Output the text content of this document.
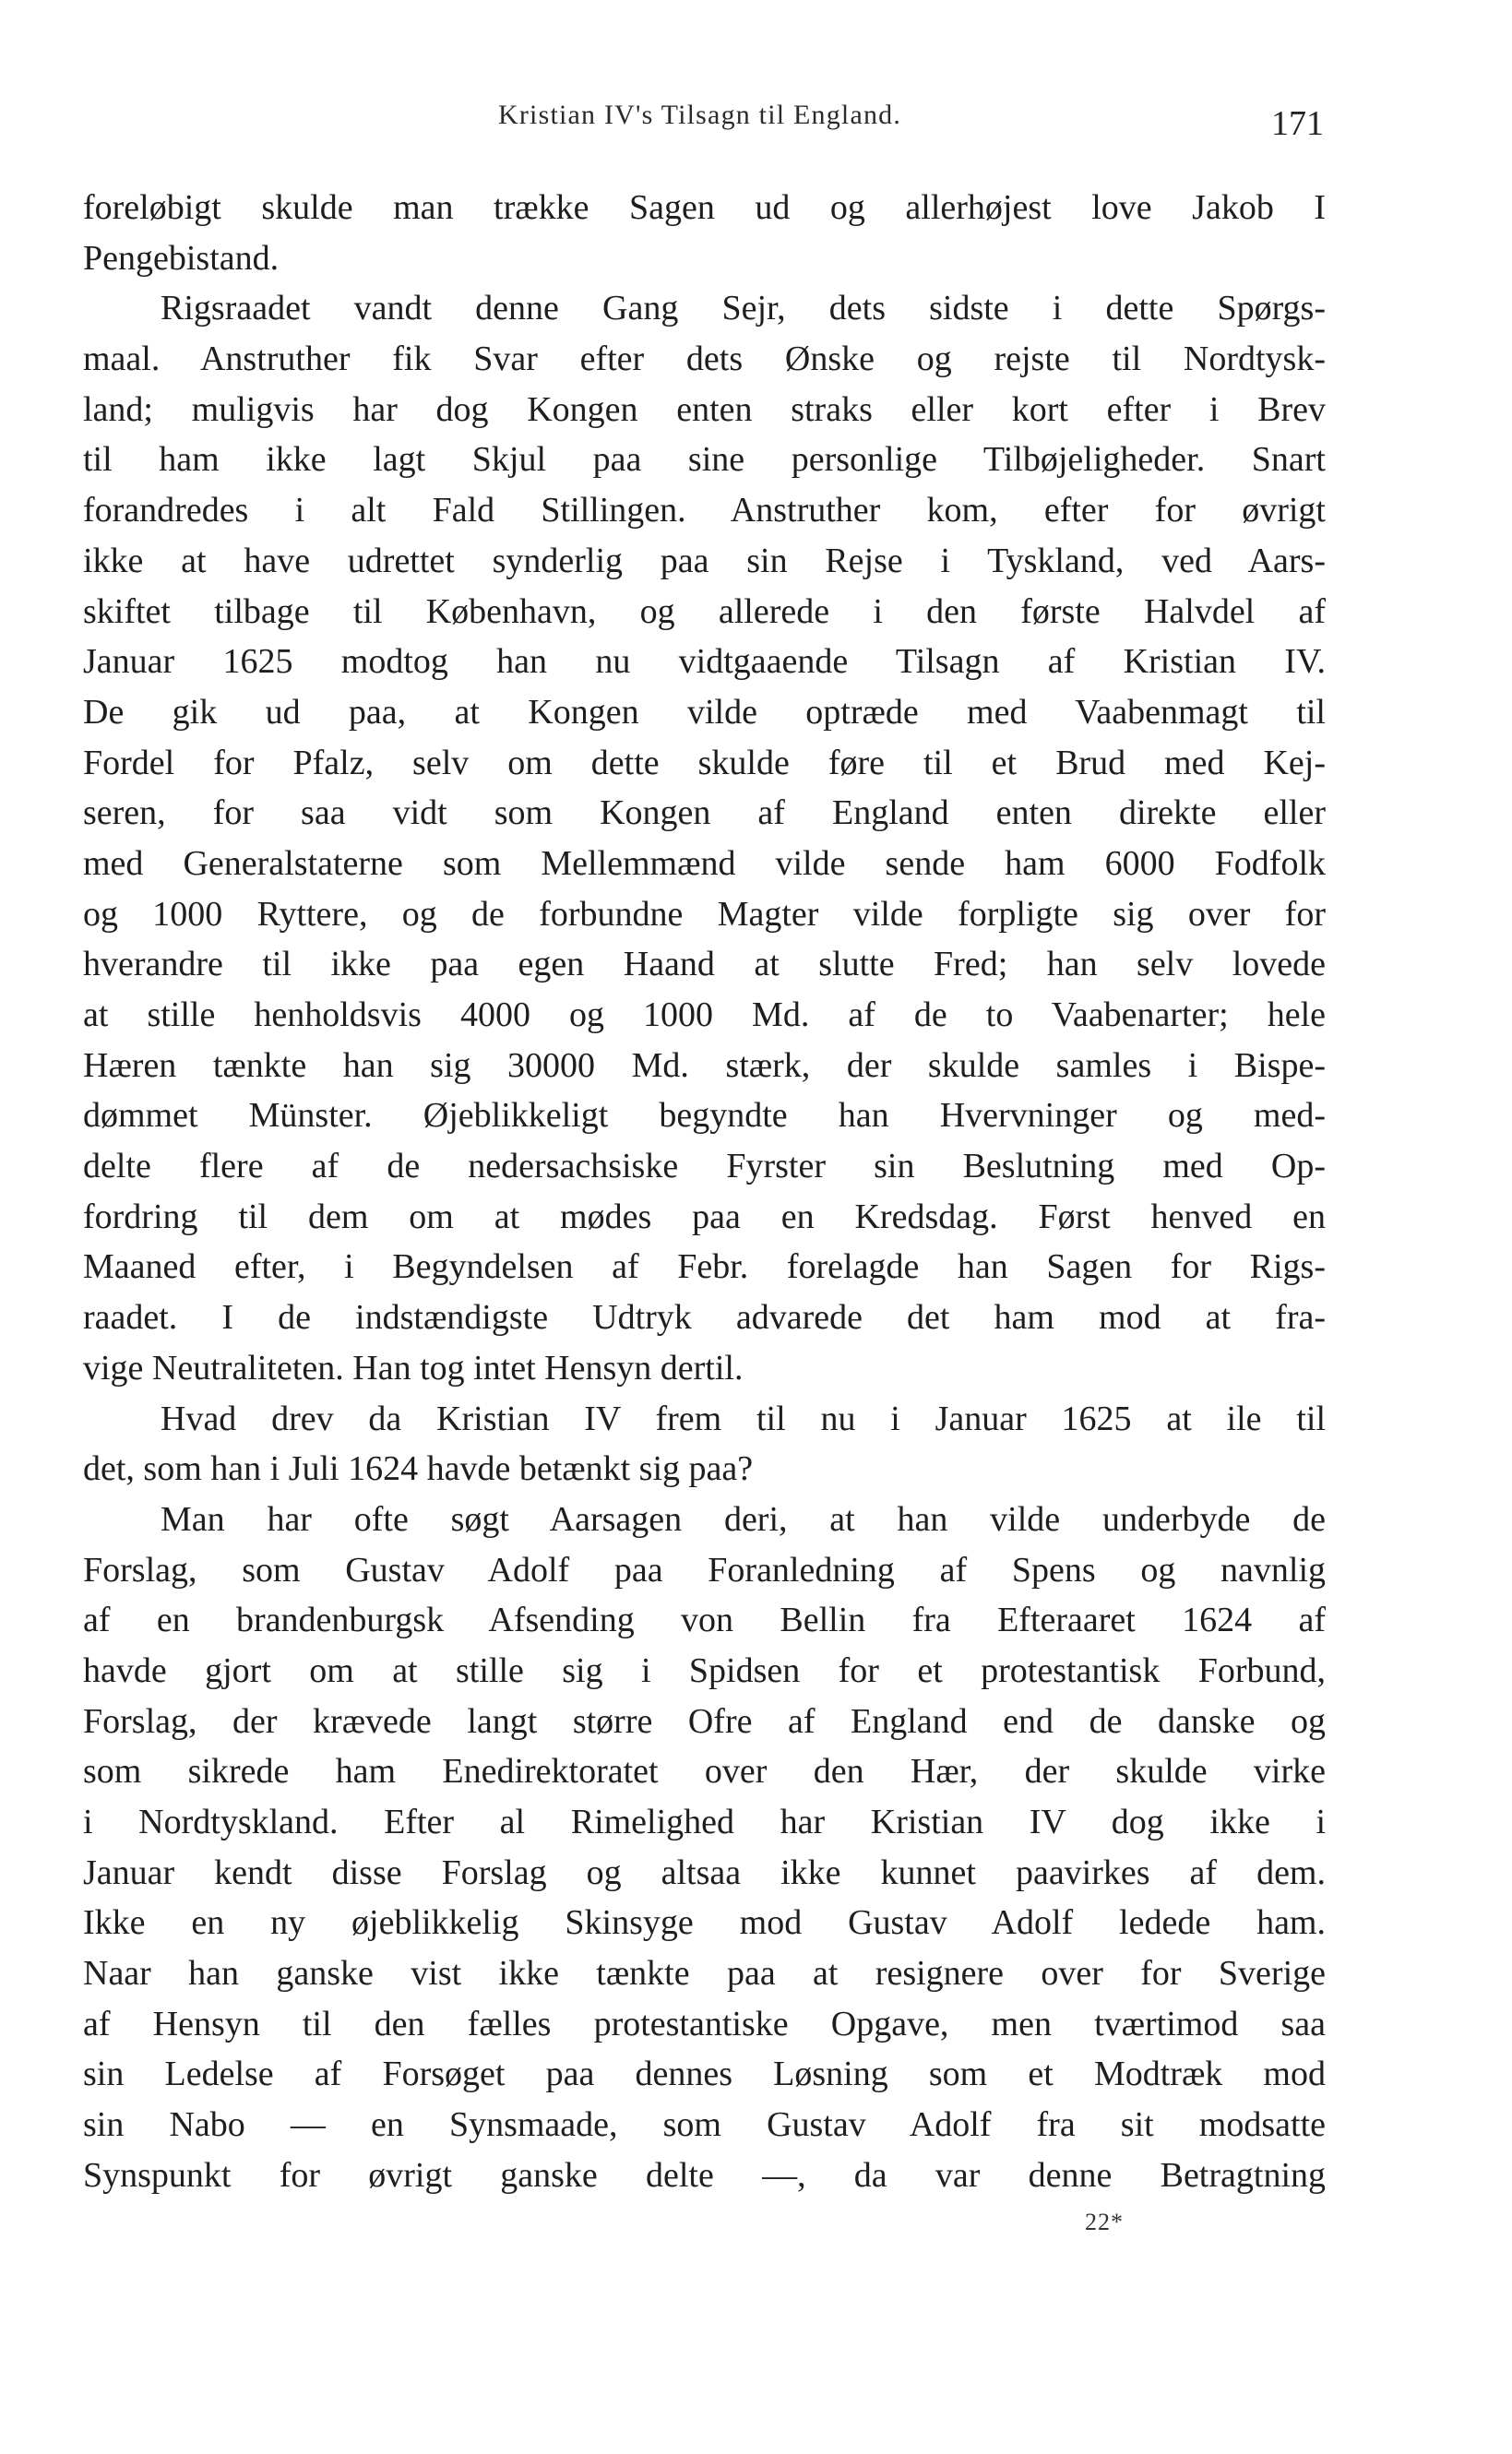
Kristian IV's Tilsagn til England.	171
foreløbigt skulde man trække Sagen ud og allerhøjest love Jakob I
Pengebistand.
Rigsraadet vandt denne Gang Sejr, dets sidste i dette Spørgs-
maal. Anstruther fik Svar efter dets Ønske og rejste til Nordtysk-
land; muligvis har dog Kongen enten straks eller kort efter i Brev
til ham ikke lagt Skjul paa sine personlige Tilbøjeligheder. Snart
forandredes i alt Fald Stillingen. Anstruther kom, efter for øvrigt
ikke at have udrettet synderlig paa sin Rejse i Tyskland, ved Aars-
skiftet tilbage til København, og allerede i den første Halvdel af
Januar 1625 modtog han nu vidtgaaende Tilsagn af Kristian IV.
De gik ud paa, at Kongen vilde optræde med Vaabenmagt til
Fordel for Pfalz, selv om dette skulde føre til et Brud med Kej-
seren, for saa vidt som Kongen af England enten direkte eller
med Generalstaterne som Mellemmænd vilde sende ham 6000 Fodfolk
og 1000 Ryttere, og de forbundne Magter vilde forpligte sig over for
hverandre til ikke paa egen Haand at slutte Fred; han selv lovede
at stille henholdsvis 4000 og 1000 Md. af de to Vaabenarter; hele
Hæren tænkte han sig 30000 Md. stærk, der skulde samles i Bispe-
dømmet Münster. Øjeblikkeligt begyndte han Hvervninger og med-
delte flere af de nedersachsiske Fyrster sin Beslutning med Op-
fordring til dem om at mødes paa en Kredsdag. Først henved en
Maaned efter, i Begyndelsen af Febr. forelagde han Sagen for Rigs-
raadet. I de indstændigste Udtryk advarede det ham mod at fra-
vige Neutraliteten. Han tog intet Hensyn dertil.
Hvad drev da Kristian IV frem til nu i Januar 1625 at ile til
det, som han i Juli 1624 havde betænkt sig paa?
Man har ofte søgt Aarsagen deri, at han vilde underbyde de
Forslag, som Gustav Adolf paa Foranledning af Spens og navnlig
af en brandenburgsk Afsending von Bellin fra Efteraaret 1624 af
havde gjort om at stille sig i Spidsen for et protestantisk Forbund,
Forslag, der krævede langt større Ofre af England end de danske og
som sikrede ham Enedirektoratet over den Hær, der skulde virke
i Nordtyskland. Efter al Rimelighed har Kristian IV dog ikke i
Januar kendt disse Forslag og altsaa ikke kunnet paavirkes af dem.
Ikke en ny øjeblikkelig Skinsyge mod Gustav Adolf ledede ham.
Naar han ganske vist ikke tænkte paa at resignere over for Sverige
af Hensyn til den fælles protestantiske Opgave, men tværtimod saa
sin Ledelse af Forsøget paa dennes Løsning som et Modtræk mod
sin Nabo — en Synsmaade, som Gustav Adolf fra sit modsatte
Synspunkt for øvrigt ganske delte —, da var denne Betragtning
22*
